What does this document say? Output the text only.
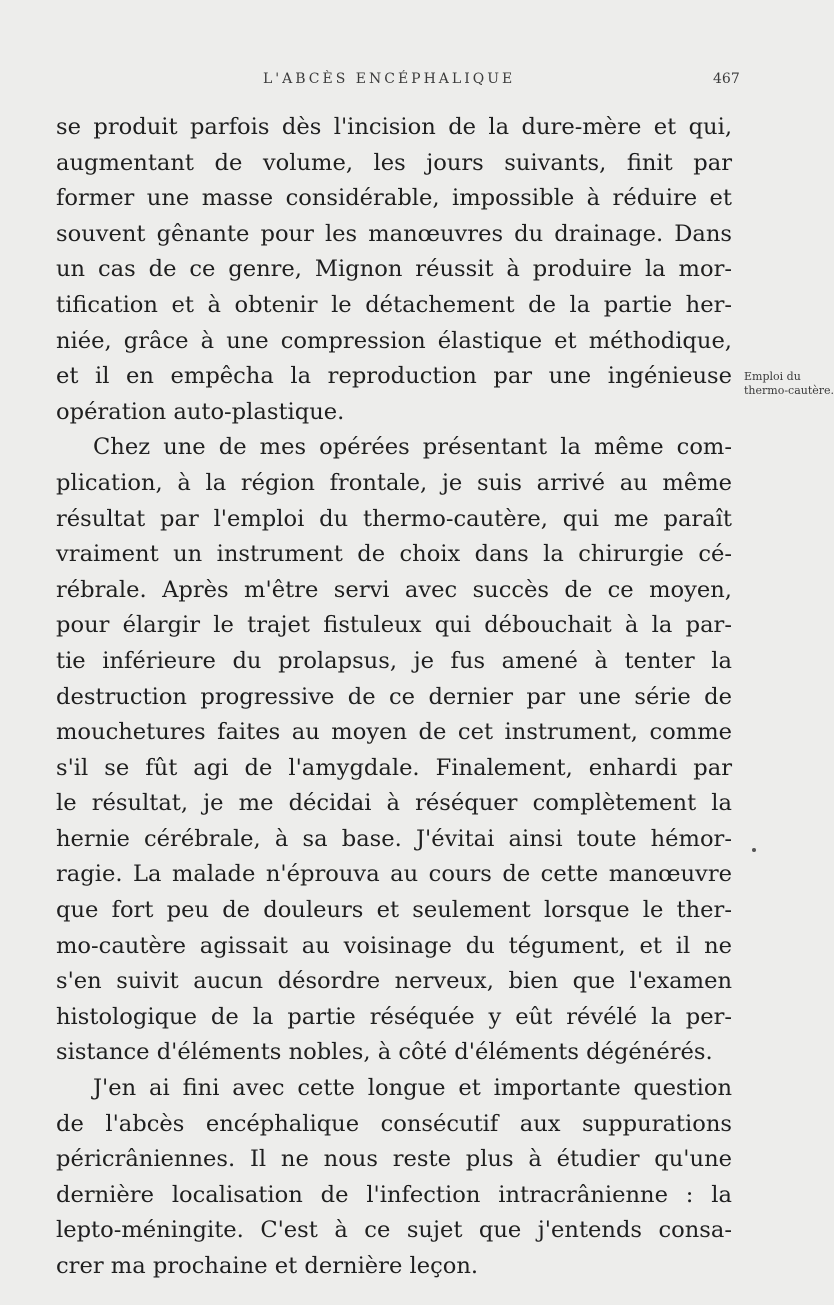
L'ABCÈS ENCÉPHALIQUE	467
se produit parfois dès l'incision de la dure-mère et qui,
augmentant de volume, les jours suivants, finit par
former une masse considérable, impossible à réduire et
souvent gênante pour les manœuvres du drainage. Dans
un cas de ce genre, Mignon réussit à produire la mor-
tification et à obtenir le détachement de la partie her-
niée, grâce à une compression élastique et méthodique,
et il en empêcha la reproduction par une ingénieuse
opération auto-plastique.
Chez une de mes opérées présentant la même com-
plication, à la région frontale, je suis arrivé au même
résultat par l'emploi du thermo-cautère, qui me paraît
vraiment un instrument de choix dans la chirurgie cé-
rébrale. Après m'être servi avec succès de ce moyen,
pour élargir le trajet fistuleux qui débouchait à la par-
tie inférieure du prolapsus, je fus amené à tenter la
destruction progressive de ce dernier par une série de
mouchetures faites au moyen de cet instrument, comme
s'il se fût agi de l'amygdale. Finalement, enhardi par
le résultat, je me décidai à réséquer complètement la
hernie cérébrale, à sa base. J'évitai ainsi toute hémor-
ragie. La malade n'éprouva au cours de cette manœuvre
que fort peu de douleurs et seulement lorsque le ther-
mo-cautère agissait au voisinage du tégument, et il ne
s'en suivit aucun désordre nerveux, bien que l'examen
histologique de la partie réséquée y eût révélé la per-
sistance d'éléments nobles, à côté d'éléments dégénérés.
J'en ai fini avec cette longue et importante question
de l'abcès encéphalique consécutif aux suppurations
péricrâniennes. Il ne nous reste plus à étudier qu'une
dernière localisation de l'infection intracrânienne : la
lepto-méningite. C'est à ce sujet que j'entends consa-
crer ma prochaine et dernière leçon.
Emploi du
thermo-cautère.
